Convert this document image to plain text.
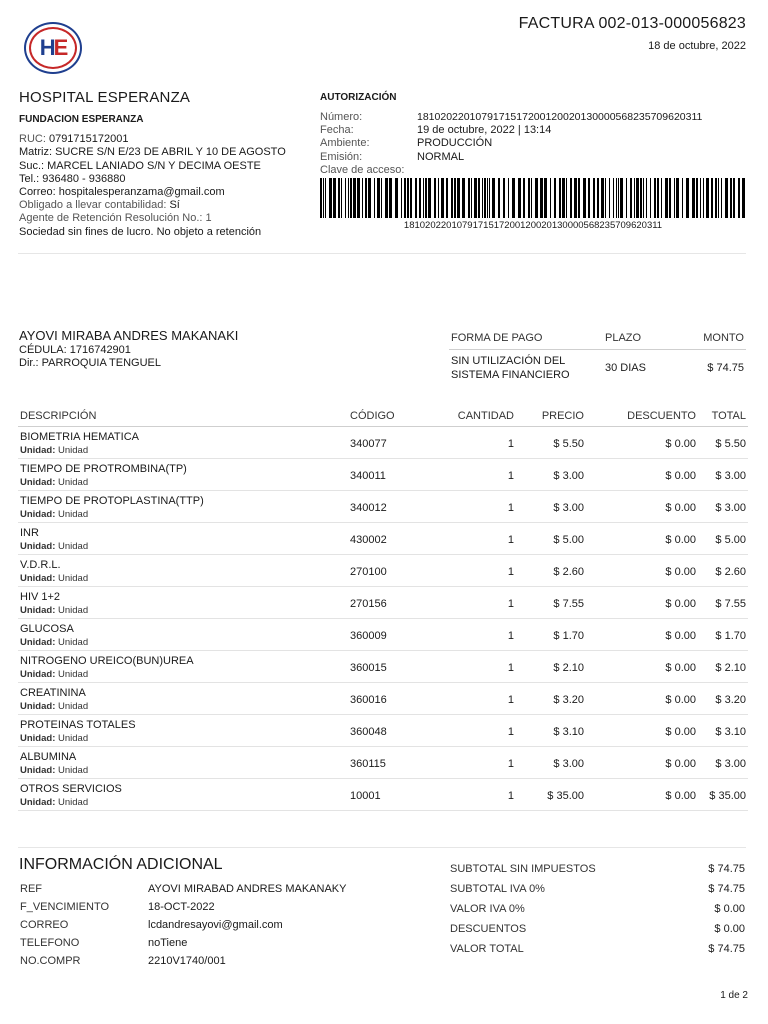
HE
FACTURA 002-013-000056823
18 de octubre, 2022
HOSPITAL ESPERANZA
FUNDACION ESPERANZA
RUC: 0791715172001
Matriz: SUCRE S/N E/23 DE ABRIL Y 10 DE AGOSTO
Suc.: MARCEL LANIADO S/N Y DECIMA OESTE
Tel.: 936480 - 936880
Correo: hospitalesperanzama@gmail.com
Obligado a llevar contabilidad: Sí
Agente de Retención Resolución No.: 1
Sociedad sin fines de lucro. No objeto a retención
AUTORIZACIÓN
Número:	1810202201079171517200120020130000568235709620311
Fecha:	19 de octubre, 2022 | 13:14
Ambiente:	PRODUCCIÓN
Emisión:	NORMAL
Clave de acceso:
1810202201079171517200120020130000568235709620311
AYOVI MIRABA ANDRES MAKANAKI
CÉDULA: 1716742901
Dir.: PARROQUIA TENGUEL
FORMA DE PAGO	PLAZO	MONTO
SIN UTILIZACIÓN DEL SISTEMA FINANCIERO	30 DIAS	$ 74.75
DESCRIPCIÓN	CÓDIGO	CANTIDAD	PRECIO	DESCUENTO	TOTAL

BIOMETRIA HEMATICA
Unidad: Unidad	340077	1	$ 5.50	$ 0.00	$ 5.50

TIEMPO DE PROTROMBINA(TP)
Unidad: Unidad	340011	1	$ 3.00	$ 0.00	$ 3.00

TIEMPO DE PROTOPLASTINA(TTP)
Unidad: Unidad	340012	1	$ 3.00	$ 0.00	$ 3.00

INR
Unidad: Unidad	430002	1	$ 5.00	$ 0.00	$ 5.00

V.D.R.L.
Unidad: Unidad	270100	1	$ 2.60	$ 0.00	$ 2.60

HIV 1+2
Unidad: Unidad	270156	1	$ 7.55	$ 0.00	$ 7.55

GLUCOSA
Unidad: Unidad	360009	1	$ 1.70	$ 0.00	$ 1.70

NITROGENO UREICO(BUN)UREA
Unidad: Unidad	360015	1	$ 2.10	$ 0.00	$ 2.10

CREATININA
Unidad: Unidad	360016	1	$ 3.20	$ 0.00	$ 3.20

PROTEINAS TOTALES
Unidad: Unidad	360048	1	$ 3.10	$ 0.00	$ 3.10

ALBUMINA
Unidad: Unidad	360115	1	$ 3.00	$ 0.00	$ 3.00

OTROS SERVICIOS
Unidad: Unidad	10001	1	$ 35.00	$ 0.00	$ 35.00
INFORMACIÓN ADICIONAL
REF	AYOVI MIRABAD ANDRES MAKANAKY
F_VENCIMIENTO	18-OCT-2022
CORREO	lcdandresayovi@gmail.com
TELEFONO	noTiene
NO.COMPR	2210V1740/001
SUBTOTAL SIN IMPUESTOS	$ 74.75
SUBTOTAL IVA 0%	$ 74.75
VALOR IVA 0%	$ 0.00
DESCUENTOS	$ 0.00
VALOR TOTAL	$ 74.75
1 de 2
